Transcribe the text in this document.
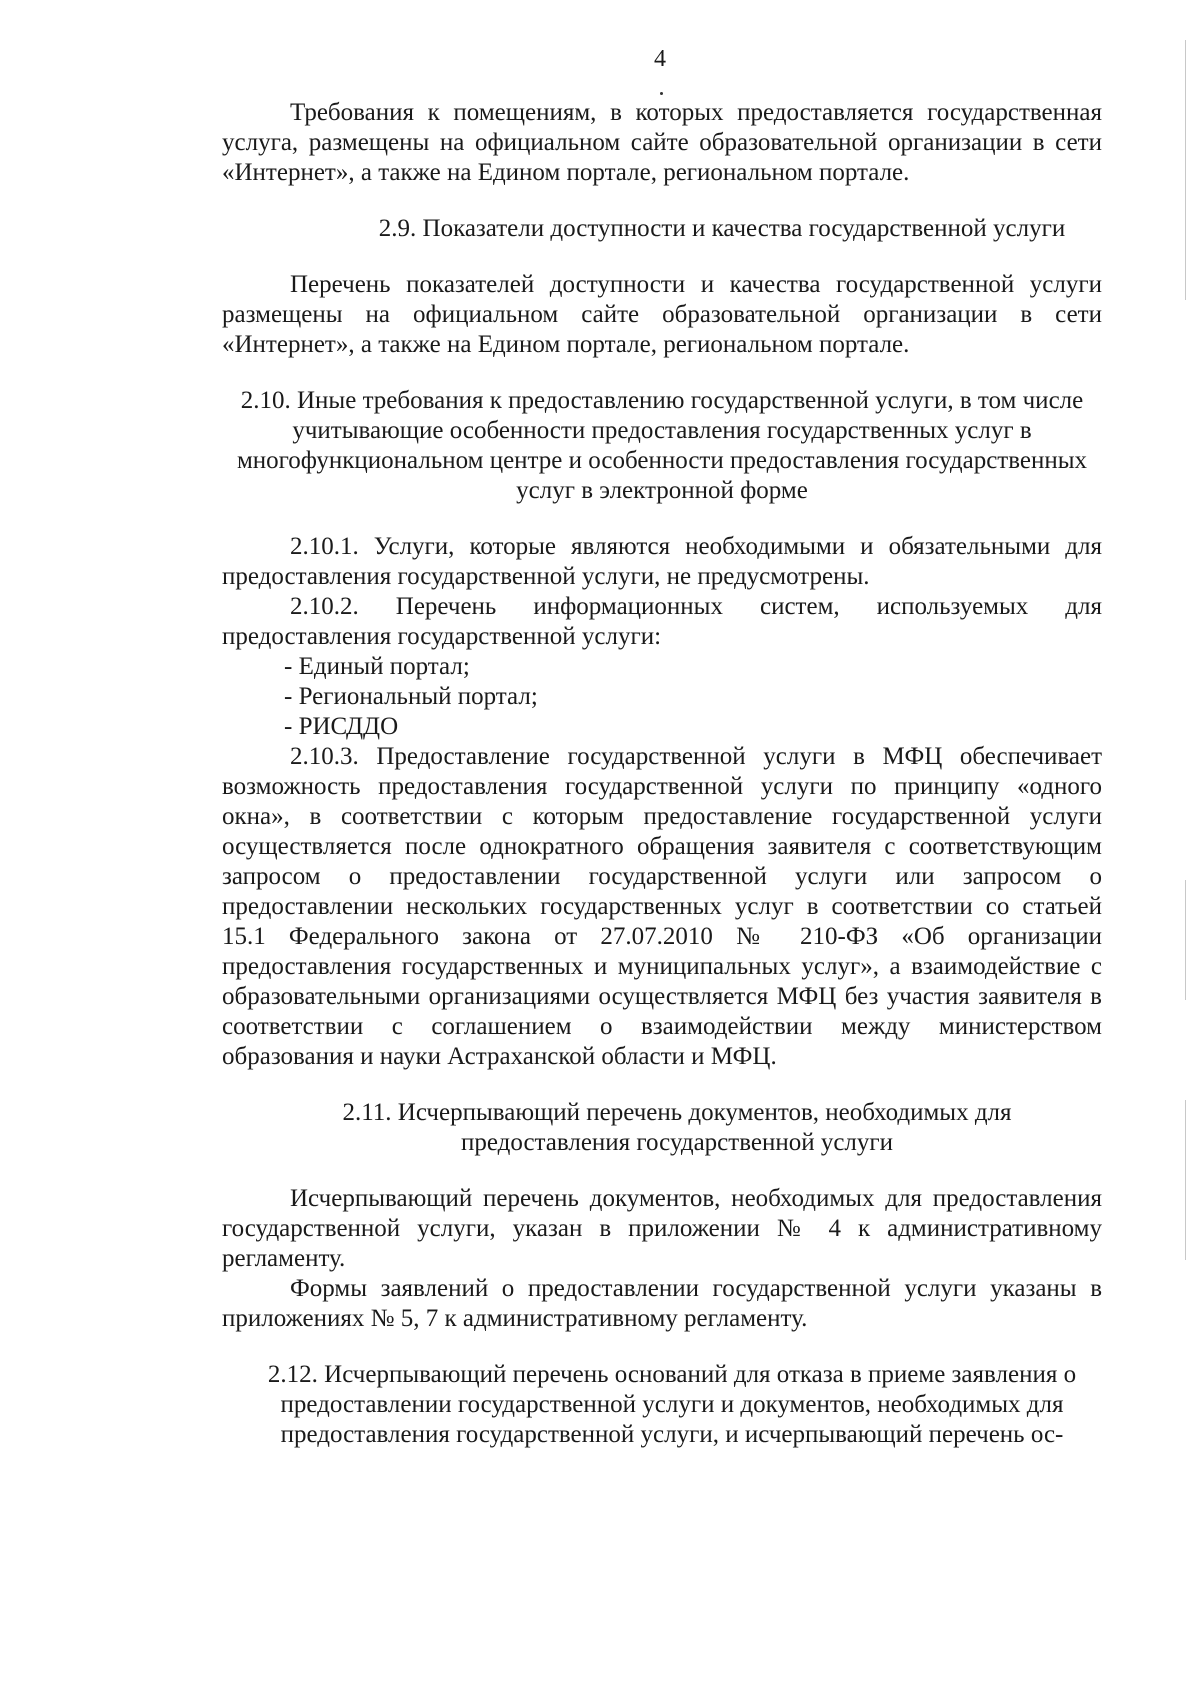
4

Требования к помещениям, в которых предоставляется государственная услуга, размещены на официальном сайте образовательной организации в сети «Интернет», а также на Едином портале, региональном портале.

2.9. Показатели доступности и качества государственной услуги

Перечень показателей доступности и качества государственной услуги размещены на официальном сайте образовательной организации в сети «Интернет», а также на Едином портале, региональном портале.

2.10. Иные требования к предоставлению государственной услуги, в том числе учитывающие особенности предоставления государственных услуг в многофункциональном центре и особенности предоставления государственных услуг в электронной форме

2.10.1. Услуги, которые являются необходимыми и обязательными для предоставления государственной услуги, не предусмотрены.

2.10.2. Перечень информационных систем, используемых для предоставления государственной услуги:

- Единый портал;

- Региональный портал;

- РИСДДО

2.10.3. Предоставление государственной услуги в МФЦ обеспечивает возможность предоставления государственной услуги по принципу «одного окна», в соответствии с которым предоставление государственной услуги осуществляется после однократного обращения заявителя с соответствующим запросом о предоставлении государственной услуги или запросом о предоставлении нескольких государственных услуг в соответствии со статьей 15.1 Федерального закона от 27.07.2010 № 210-ФЗ «Об организации предоставления государственных и муниципальных услуг», а взаимодействие с образовательными организациями осуществляется МФЦ без участия заявителя в соответствии с соглашением о взаимодействии между министерством образования и науки Астраханской области и МФЦ.

2.11. Исчерпывающий перечень документов, необходимых для предоставления государственной услуги

Исчерпывающий перечень документов, необходимых для предоставления государственной услуги, указан в приложении № 4 к административному регламенту.

Формы заявлений о предоставлении государственной услуги указаны в приложениях № 5, 7 к административному регламенту.

2.12. Исчерпывающий перечень оснований для отказа в приеме заявления о предоставлении государственной услуги и документов, необходимых для предоставления государственной услуги, и исчерпывающий перечень ос-
